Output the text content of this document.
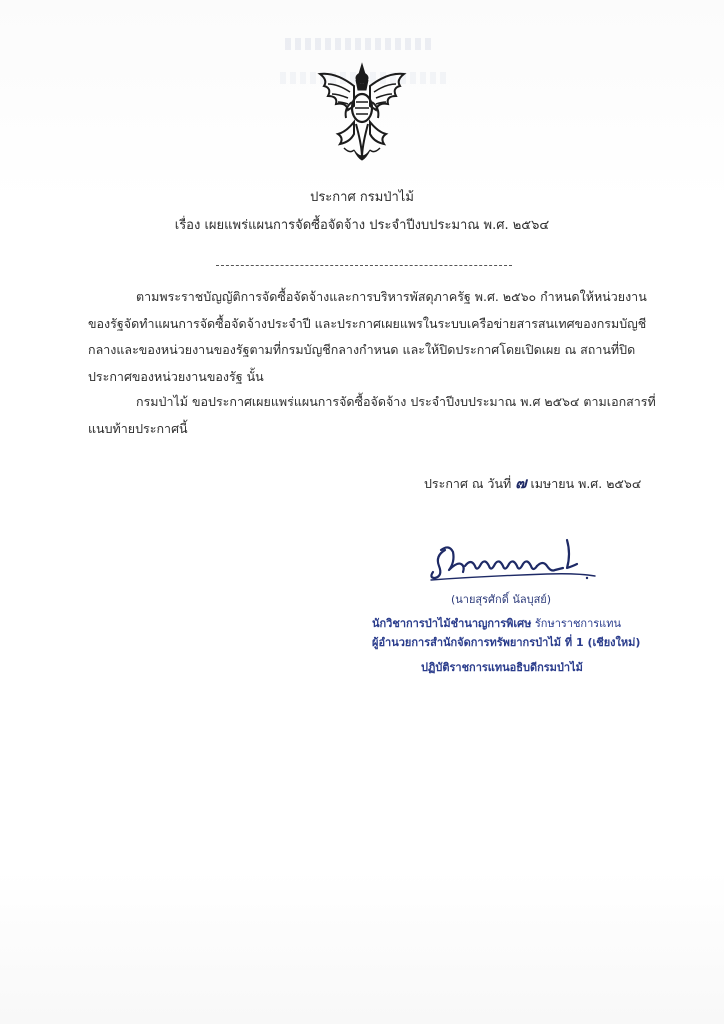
ประกาศ กรมป่าไม้
เรื่อง เผยแพร่แผนการจัดซื้อจัดจ้าง ประจำปีงบประมาณ พ.ศ. ๒๕๖๔
ตามพระราชบัญญัติการจัดซื้อจัดจ้างและการบริหารพัสดุภาครัฐ พ.ศ. ๒๕๖๐ กำหนดให้หน่วยงานของรัฐจัดทำแผนการจัดซื้อจัดจ้างประจำปี และประกาศเผยแพรในระบบเครือข่ายสารสนเทศของกรมบัญชีกลางและของหน่วยงานของรัฐตามที่กรมบัญชีกลางกำหนด และให้ปิดประกาศโดยเปิดเผย ณ สถานที่ปิดประกาศของหน่วยงานของรัฐ นั้น
กรมป่าไม้ ขอประกาศเผยแพร่แผนการจัดซื้อจัดจ้าง ประจำปีงบประมาณ พ.ศ ๒๕๖๔ ตามเอกสารที่แนบท้ายประกาศนี้
ประกาศ ณ วันที่ ๗ เมษายน พ.ศ. ๒๕๖๔
(นายสุรศักดิ์ นัลบุสย์)
นักวิชาการป่าไม้ชำนาญการพิเศษ รักษาราชการแทน
ผู้อำนวยการสำนักจัดการทรัพยากรป่าไม้ ที่ 1 (เชียงใหม่)
ปฏิบัติราชการแทนอธิบดีกรมป่าไม้
